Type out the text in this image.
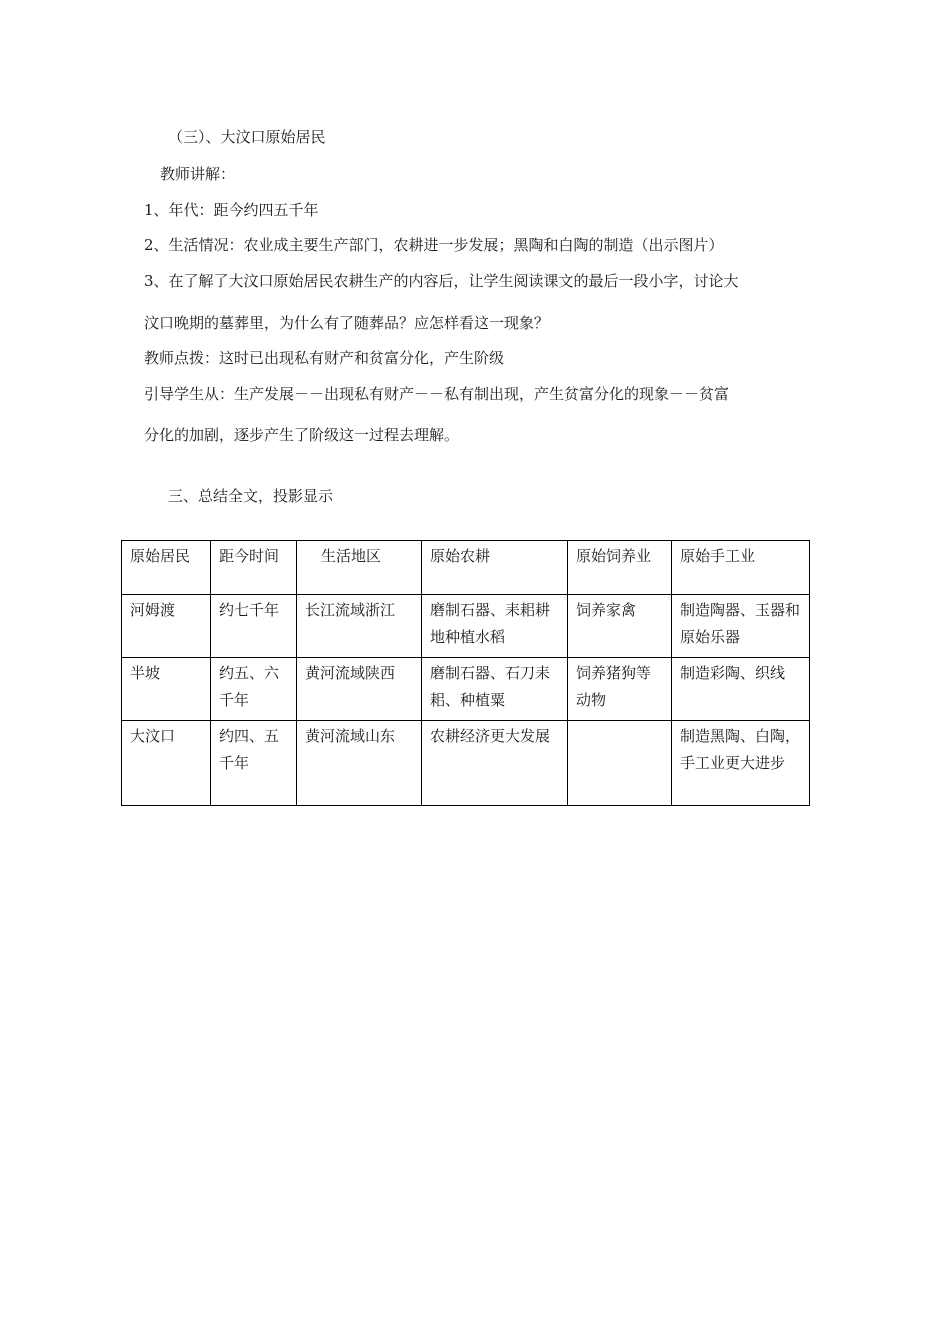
（三）、大汶口原始居民
教师讲解：
1、年代：距今约四五千年
2、生活情况：农业成主要生产部门，农耕进一步发展；黑陶和白陶的制造（出示图片）
3、在了解了大汶口原始居民农耕生产的内容后，让学生阅读课文的最后一段小字，讨论大
汶口晚期的墓葬里，为什么有了随葬品？应怎样看这一现象？
教师点拨：这时已出现私有财产和贫富分化，产生阶级
引导学生从：生产发展－－出现私有财产－－私有制出现，产生贫富分化的现象－－贫富
分化的加剧，逐步产生了阶级这一过程去理解。
三、总结全文，投影显示
原始居民	距今时间	生活地区	原始农耕	原始饲养业	原始手工业
河姆渡	约七千年	长江流域浙江	磨制石器、耒耜耕地种植水稻	饲养家禽	制造陶器、玉器和原始乐器
半坡	约五、六千年	黄河流域陕西	磨制石器、石刀耒耜、种植粟	饲养猪狗等动物	制造彩陶、织线
大汶口	约四、五千年	黄河流域山东	农耕经济更大发展		制造黑陶、白陶，手工业更大进步
